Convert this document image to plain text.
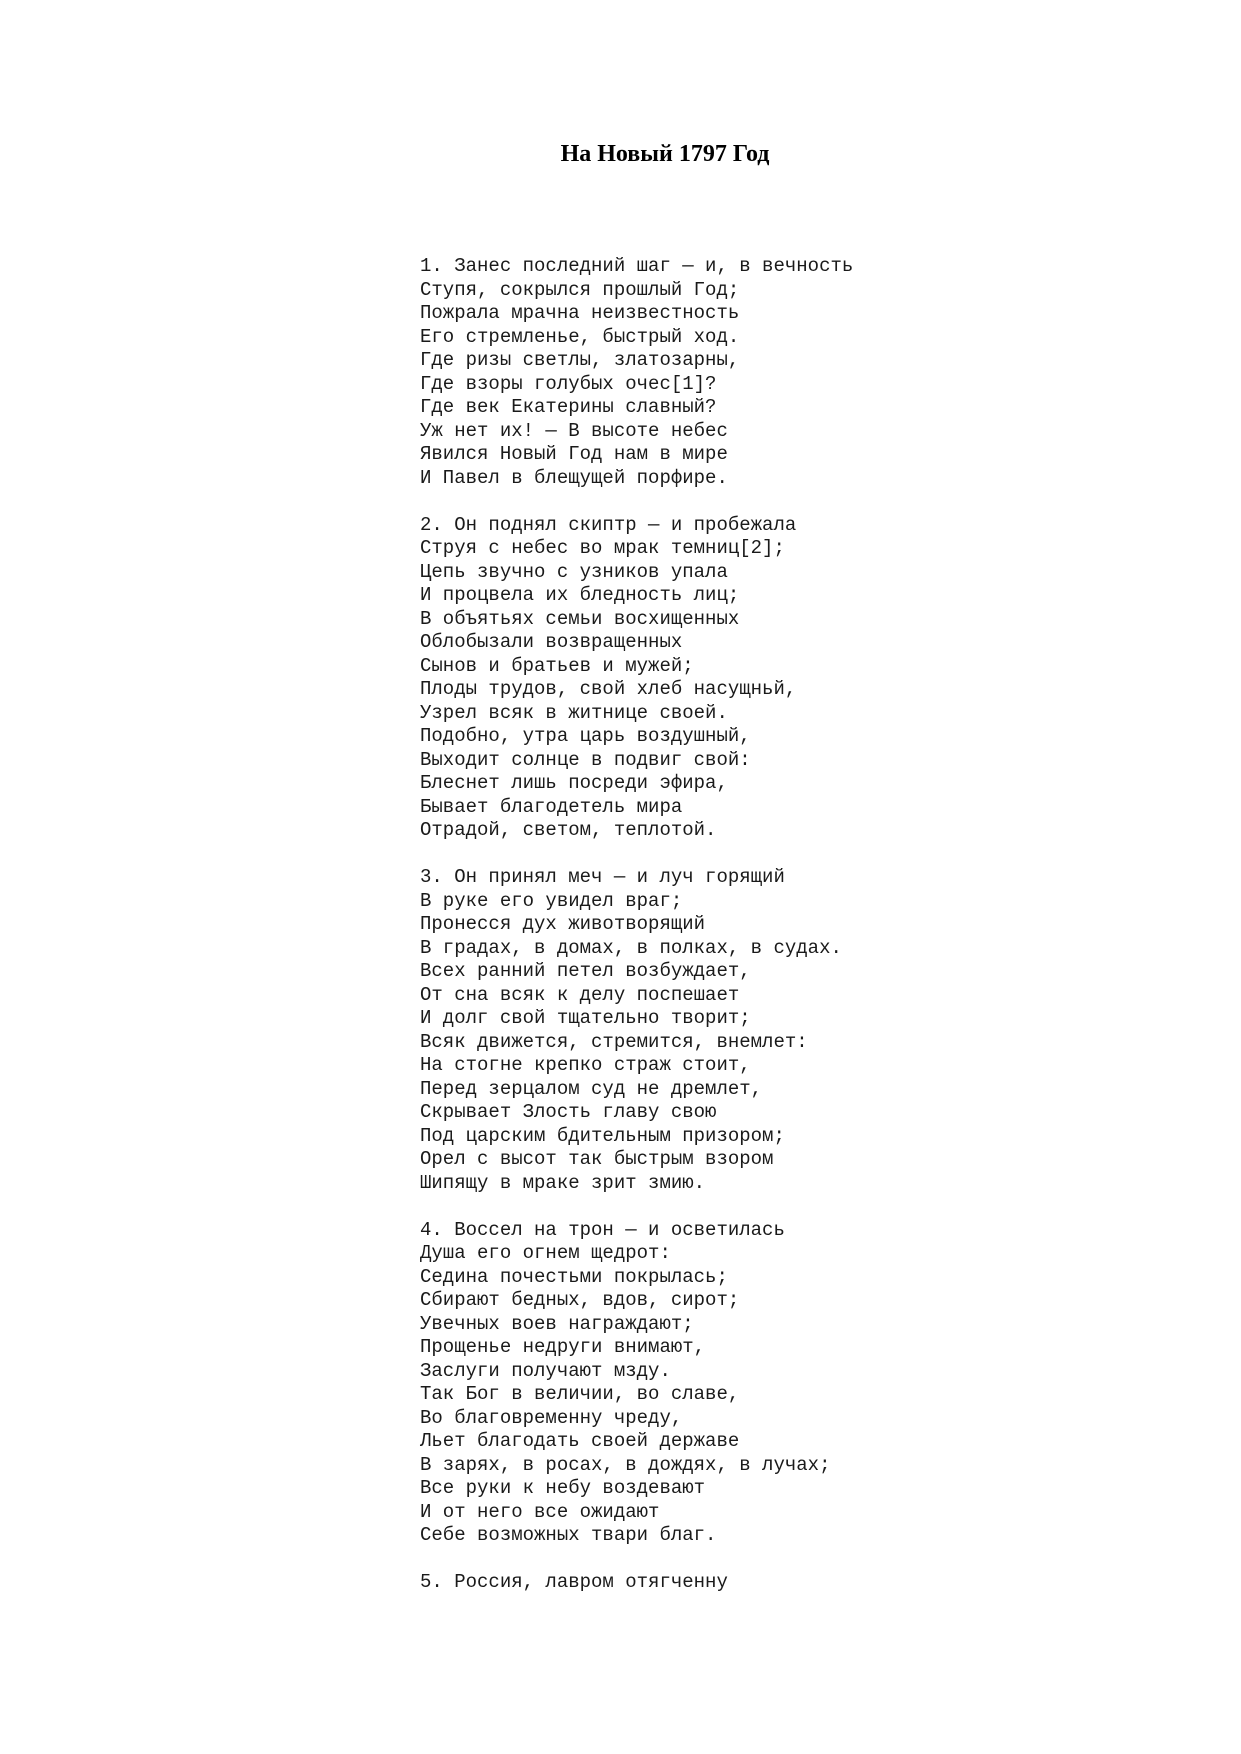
На Новый 1797 Год
1. Занес последний шаг — и, в вечность
Ступя, сокрылся прошлый Год;
Пожрала мрачна неизвестность
Его стремленье, быстрый ход.
Где ризы светлы, златозарны,
Где взоры голубых очес[1]?
Где век Екатерины славный?
Уж нет их! — В высоте небес
Явился Новый Год нам в мире
И Павел в блещущей порфире.
2. Он поднял скиптр — и пробежала
Струя с небес во мрак темниц[2];
Цепь звучно с узников упала
И процвела их бледность лиц;
В объятьях семьи восхищенных
Облобызали возвращенных
Сынов и братьев и мужей;
Плоды трудов, свой хлеб насущньй,
Узрел всяк в житнице своей.
Подобно, утра царь воздушный,
Выходит солнце в подвиг свой:
Блеснет лишь посреди эфира,
Бывает благодетель мира
Отрадой, светом, теплотой.
3. Он принял меч — и луч горящий
В руке его увидел враг;
Пронесся дух животворящий
В градах, в домах, в полках, в судах.
Всех ранний петел возбуждает,
От сна всяк к делу поспешает
И долг свой тщательно творит;
Всяк движется, стремится, внемлет:
На стогне крепко страж стоит,
Перед зерцалом суд не дремлет,
Скрывает Злость главу свою
Под царским бдительным призором;
Орел с высот так быстрым взором
Шипящу в мраке зрит змию.
4. Воссел на трон — и осветилась
Душа его огнем щедрот:
Седина почестьми покрылась;
Сбирают бедных, вдов, сирот;
Увечных воев награждают;
Прощенье недруги внимают,
Заслуги получают мзду.
Так Бог в величии, во славе,
Во благовременну чреду,
Льет благодать своей державе
В зарях, в росах, в дождях, в лучах;
Все руки к небу воздевают
И от него все ожидают
Себе возможных твари благ.
5. Россия, лавром отягченну
